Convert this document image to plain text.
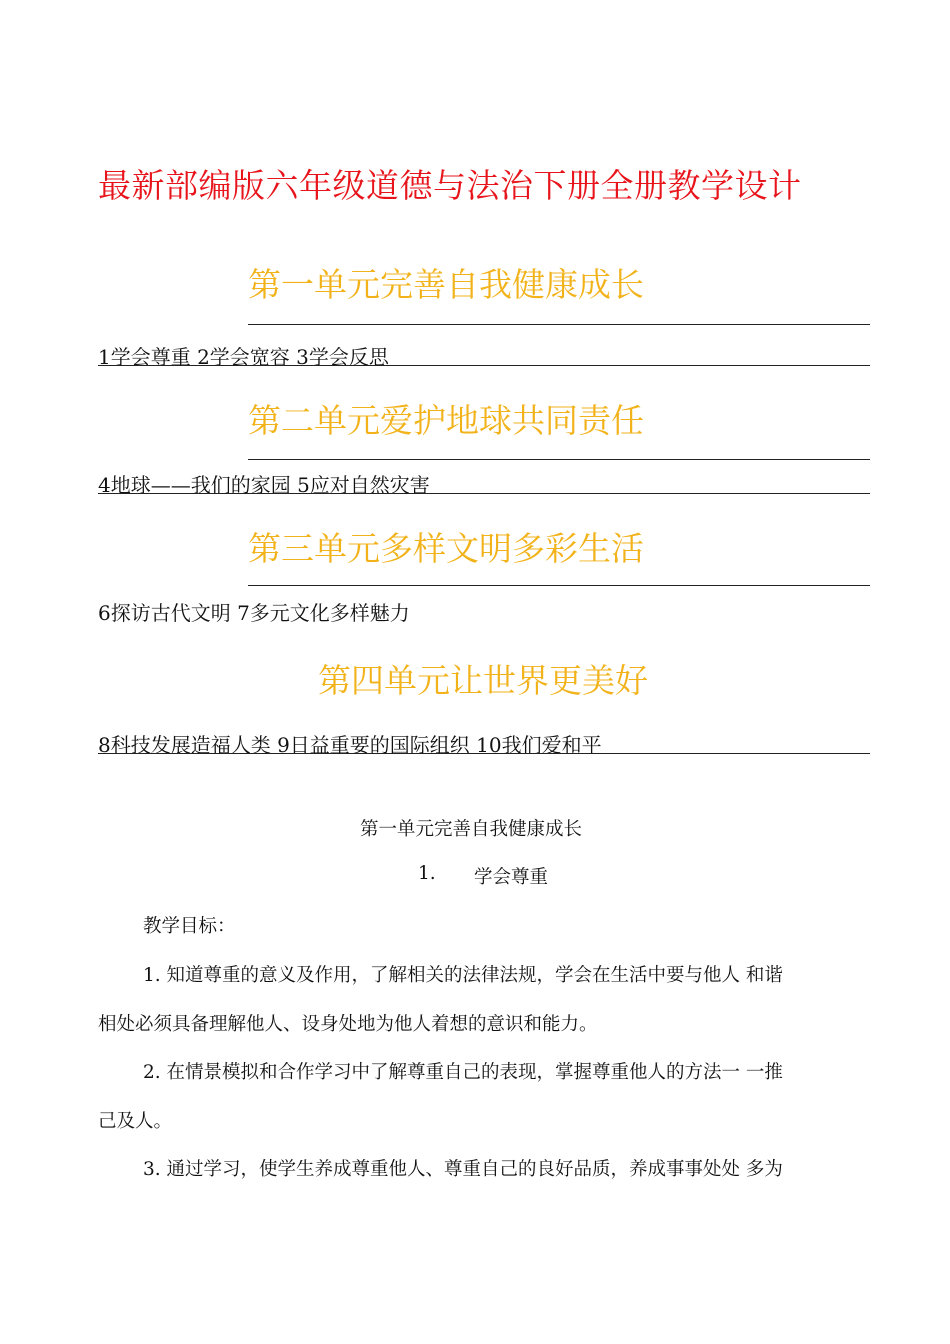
最新部编版六年级道德与法治下册全册教学设计
第一单元完善自我健康成长
1学会尊重 2学会宽容 3学会反思
第二单元爱护地球共同责任
4地球——我们的家园 5应对自然灾害
第三单元多样文明多彩生活
6探访古代文明 7多元文化多样魅力
第四单元让世界更美好
8科技发展造福人类 9日益重要的国际组织 10我们爱和平
第一单元完善自我健康成长
1. 学会尊重
教学目标：
1. 知道尊重的意义及作用，了解相关的法律法规，学会在生活中要与他人 和谐
相处必须具备理解他人、设身处地为他人着想的意识和能力。
2. 在情景模拟和合作学习中了解尊重自己的表现，掌握尊重他人的方法一 一推
己及人。
3. 通过学习，使学生养成尊重他人、尊重自己的良好品质，养成事事处处 多为
